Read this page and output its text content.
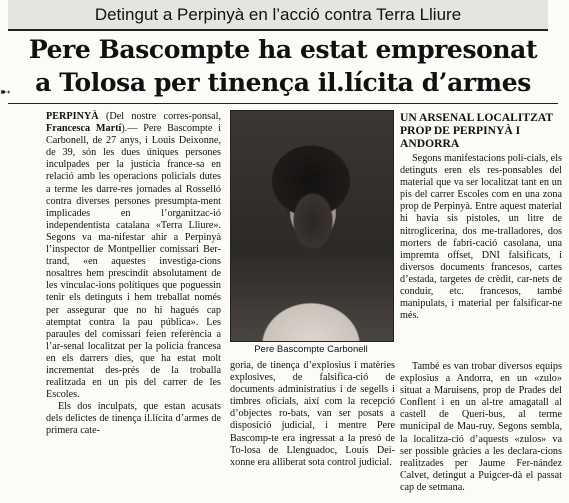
Detingut a Perpinyà en l’acció contra Terra Lliure
Pere Bascompte ha estat empresonat
a Tolosa per tinença il.lícita d’armes
➸

PERPINYÀ (Del nostre corres-ponsal, Francesca Martí).— Pere Bascompte i Carbonell, de 27 anys, i Louis Deixonne, de 39, són les dues úniques persones inculpades per la justícia france-sa en relació amb les operacions policials dutes a terme les darre-res jornades al Rosselló contra diverses persones presumpta-ment implicades en l’organitzac-ió independentista catalana «Terra Lliure». Segons va ma-nifestar ahir a Perpinyà l’inspector de Montpellier comissari Ber-trand, «en aquestes investiga-cions nosaltres hem prescindit absolutament de les vinculac-ions polítiques que poguessin tenir els detinguts i hem treballat només per assegurar que no hi hagués cap atemptat contra la pau pública». Les paraules del comissari feien referència a l’ar-senal localitzat per la policia francesa en els darrers dies, que ha estat molt incrementat des-prés de la troballa realitzada en un pis del carrer de les Escoles.

Els dos inculpats, que estan acusats dels delictes de tinença il.lícita d’armes de primera cate-

Pere Bascompte Carbonell

goria, de tinença d’explosius i matèries explosives, de falsifica-ció de documents administratius i de segells i timbres oficials, així com la recepció d’objectes ro-bats, van ser posats a disposició judicial, i mentre Pere Bascomp-te era ingressat a la presó de To-losa de Llenguadoc, Louis Dei-xonne era alliberat sota control judicial.

UN ARSENAL LOCALITZAT PROP DE PERPINYÀ I ANDORRA

Segons manifestacions poli-cials, els detinguts eren els res-ponsables del material que va ser localitzat tant en un pis del carrer Escoles com en una zona prop de Perpinyà. Entre aquest material hi havia sis pistoles, un litre de nitroglicerina, dos me-tralladores, dos morters de fabri-cació casolana, una impremta offset, DNI falsificats, i diversos documents francesos, cartes d’estada, targetes de crèdit, car-nets de conduir, etc. francesos, també manipulats, i material per falsificar-ne més.

També es van trobar diversos equips explosius a Andorra, en un «zulo» situat a Maruisens, prop de Prades del Conflent i en un al-tre amagatall al castell de Queri-bus, al terme municipal de Mau-ruy. Segons sembla, la localitza-ció d’aquests «zulos» va ser possible gràcies a les declara-cions realitzades per Jaume Fer-nández Calvet, detingut a Puigcer-dà el passat cap de setmana.
